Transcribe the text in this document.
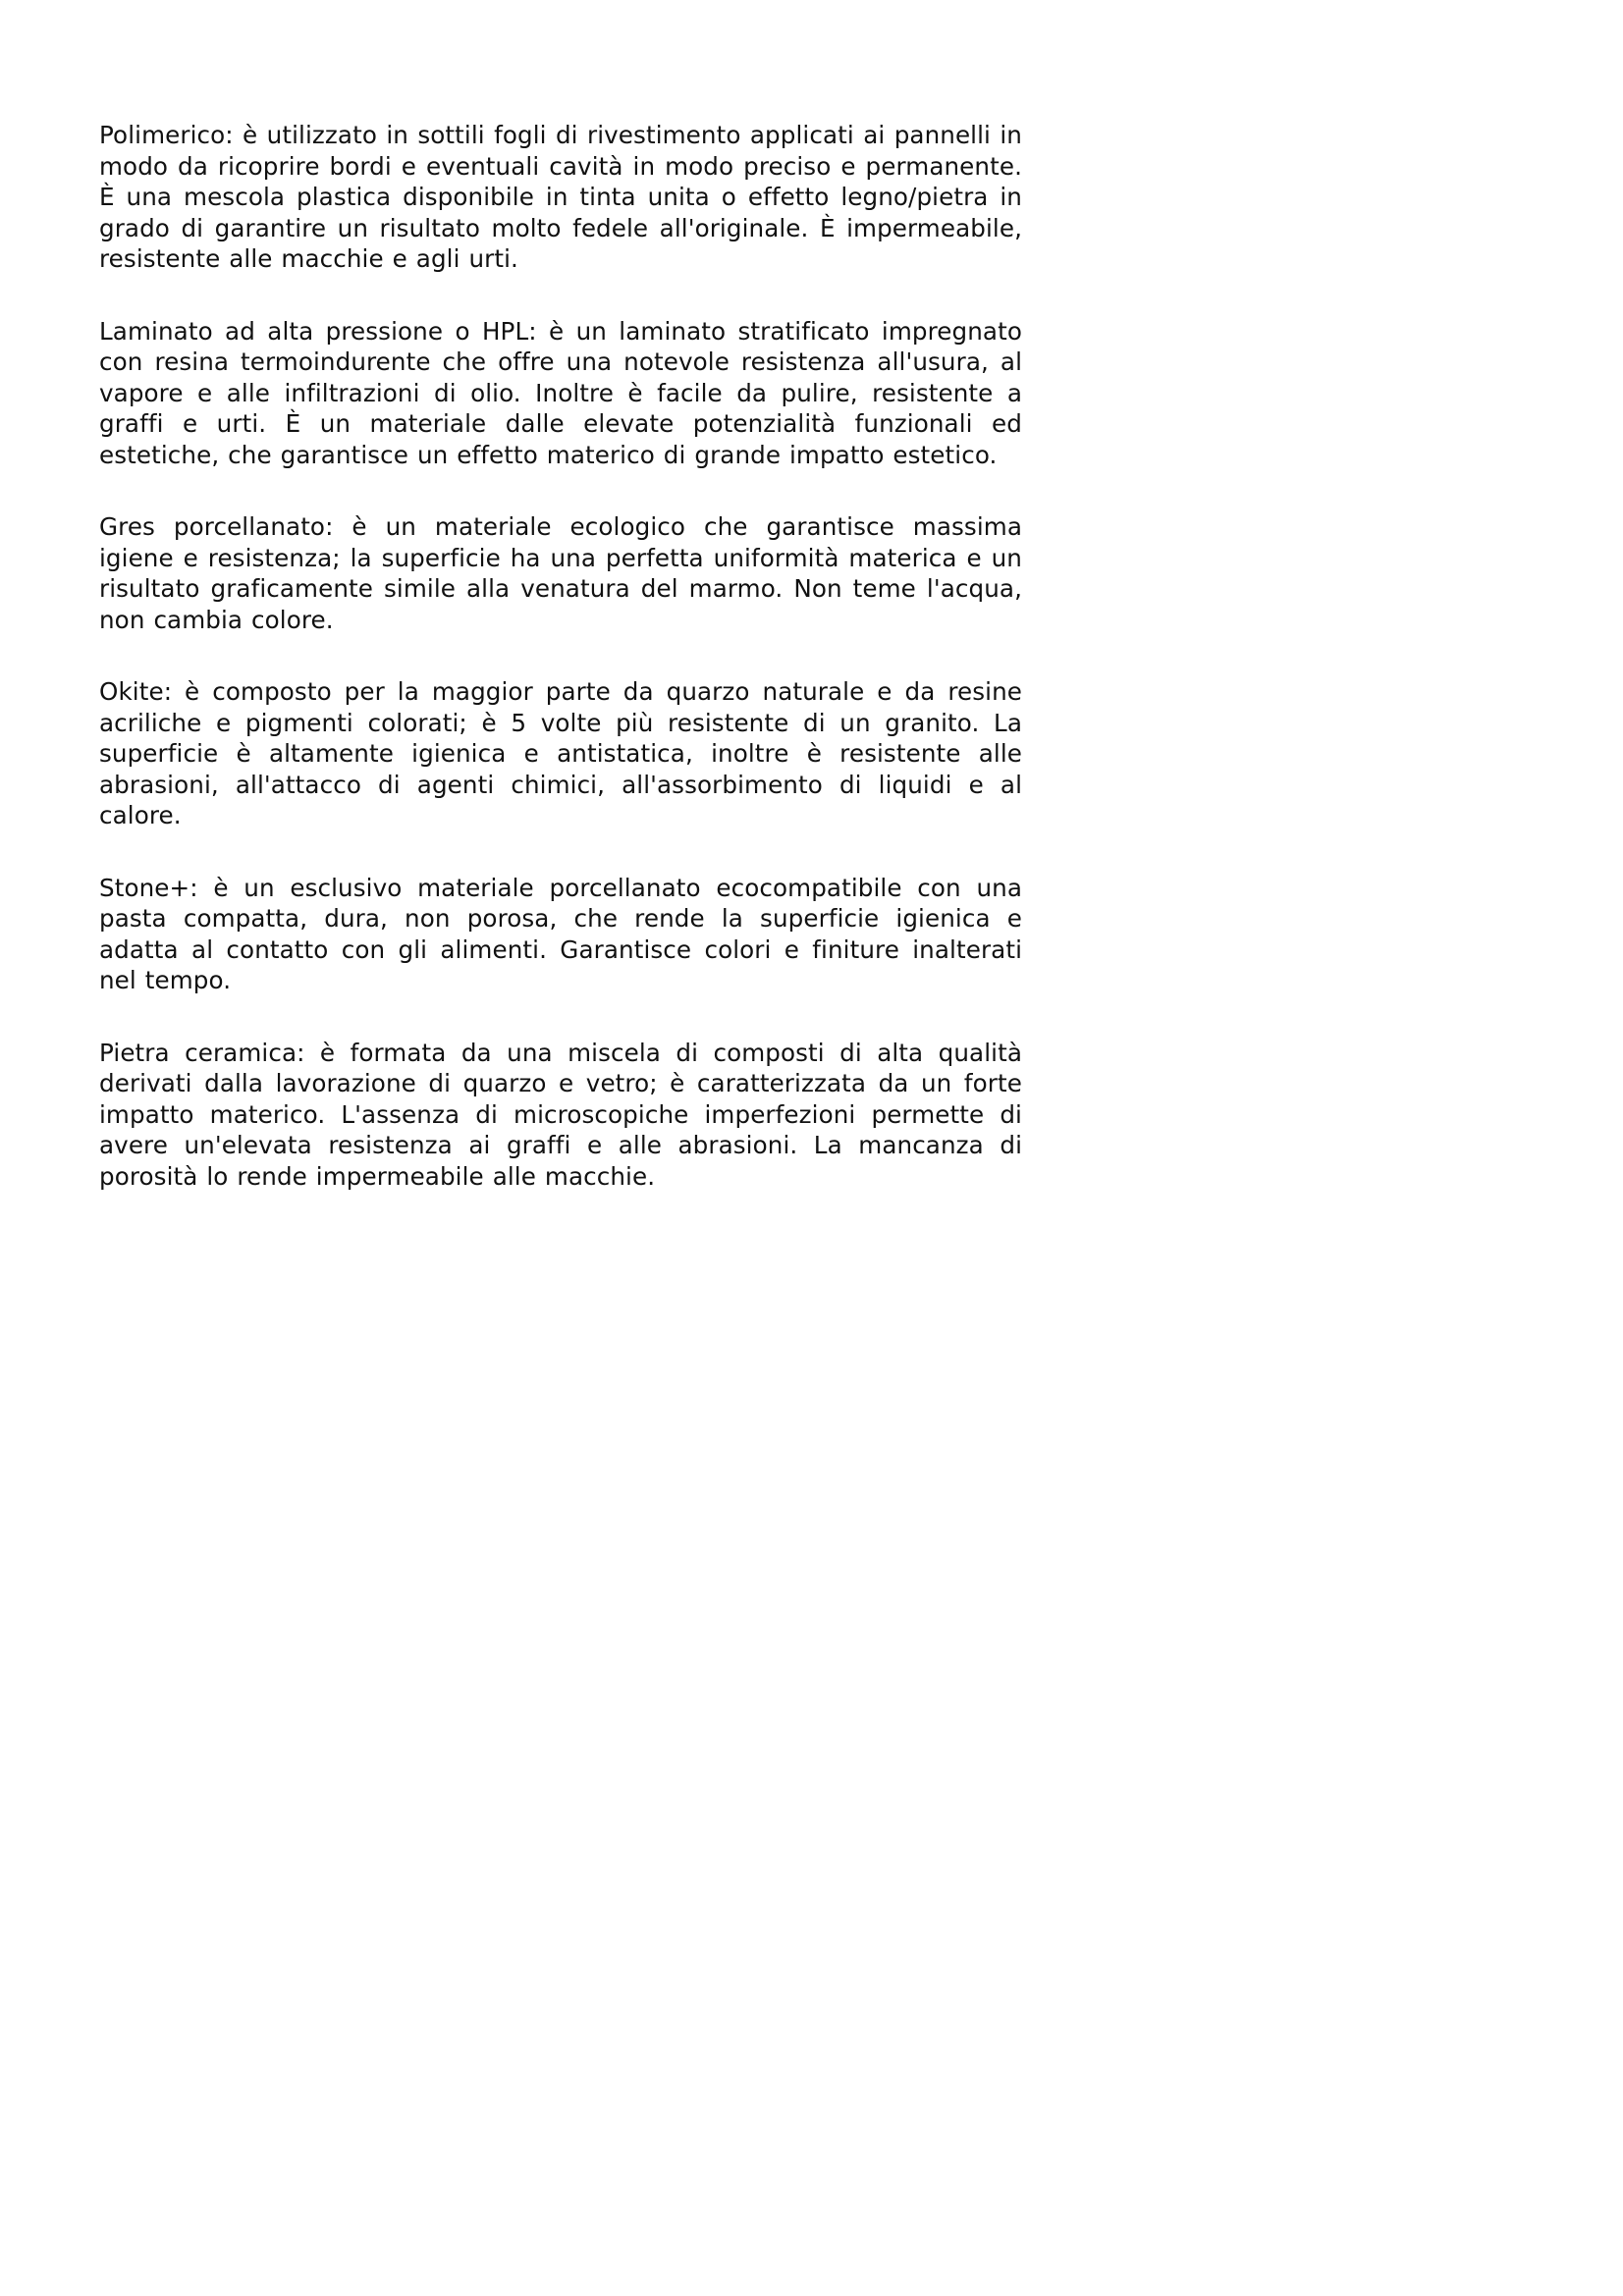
Polimerico: è utilizzato in sottili fogli di rivestimento applicati ai pannelli in modo da ricoprire bordi e eventuali cavità in modo preciso e permanente. È una mescola plastica disponibile in tinta unita o effetto legno/pietra in grado di garantire un risultato molto fedele all'originale. È impermeabile, resistente alle macchie e agli urti.

Laminato ad alta pressione o HPL: è un laminato stratificato impregnato con resina termoindurente che offre una notevole resistenza all'usura, al vapore e alle infiltrazioni di olio. Inoltre è facile da pulire, resistente a graffi e urti. È un materiale dalle elevate potenzialità funzionali ed estetiche, che garantisce un effetto materico di grande impatto estetico.

Gres porcellanato: è un materiale ecologico che garantisce massima igiene e resistenza; la superficie ha una perfetta uniformità materica e un risultato graficamente simile alla venatura del marmo. Non teme l'acqua, non cambia colore.

Okite: è composto per la maggior parte da quarzo naturale e da resine acriliche e pigmenti colorati; è 5 volte più resistente di un granito. La superficie è altamente igienica e antistatica, inoltre è resistente alle abrasioni, all'attacco di agenti chimici, all'assorbimento di liquidi e al calore.

Stone+: è un esclusivo materiale porcellanato ecocompatibile con una pasta compatta, dura, non porosa, che rende la superficie igienica e adatta al contatto con gli alimenti. Garantisce colori e finiture inalterati nel tempo.

Pietra ceramica: è formata da una miscela di composti di alta qualità derivati dalla lavorazione di quarzo e vetro; è caratterizzata da un forte impatto materico. L'assenza di microscopiche imperfezioni permette di avere un'elevata resistenza ai graffi e alle abrasioni. La mancanza di porosità lo rende impermeabile alle macchie.
